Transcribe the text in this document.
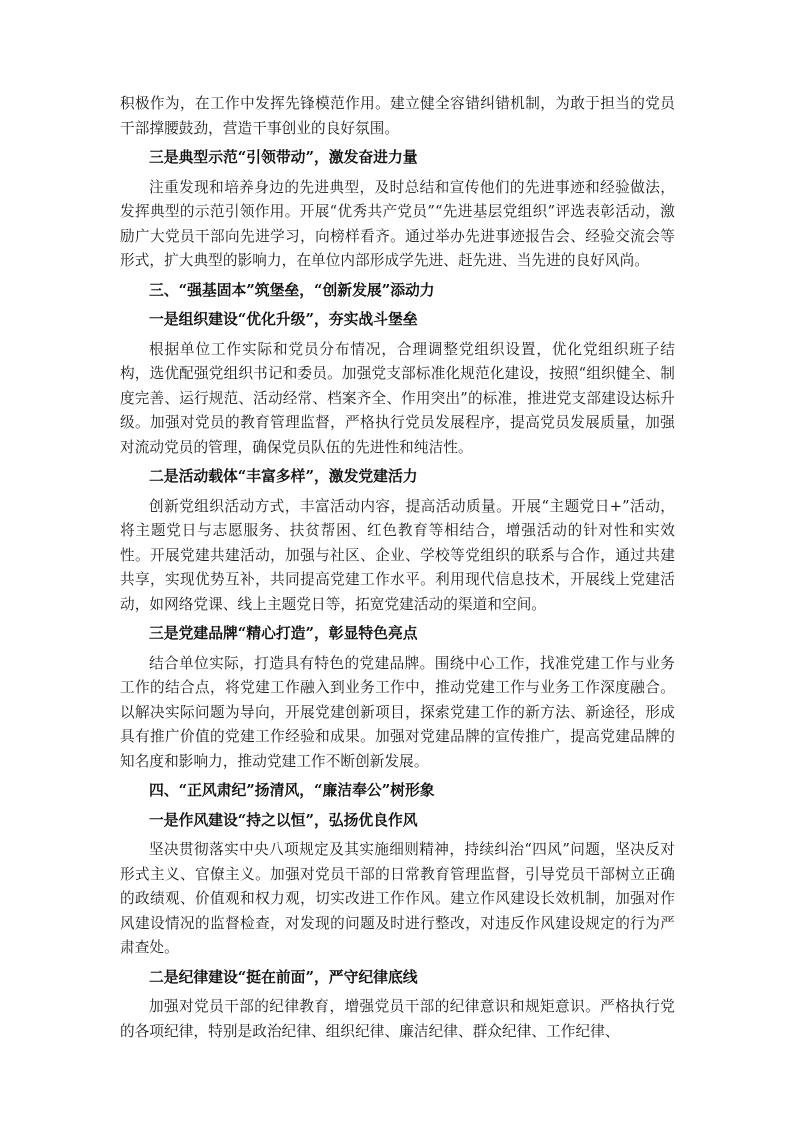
积极作为，在工作中发挥先锋模范作用。建立健全容错纠错机制，为敢于担当的党员干部撑腰鼓劲，营造干事创业的良好氛围。

三是典型示范“引领带动”，激发奋进力量

注重发现和培养身边的先进典型，及时总结和宣传他们的先进事迹和经验做法，发挥典型的示范引领作用。开展“优秀共产党员”“先进基层党组织”评选表彰活动，激励广大党员干部向先进学习，向榜样看齐。通过举办先进事迹报告会、经验交流会等形式，扩大典型的影响力，在单位内部形成学先进、赶先进、当先进的良好风尚。

三、“强基固本”筑堡垒，“创新发展”添动力

一是组织建设“优化升级”，夯实战斗堡垒

根据单位工作实际和党员分布情况，合理调整党组织设置，优化党组织班子结构，选优配强党组织书记和委员。加强党支部标准化规范化建设，按照“组织健全、制度完善、运行规范、活动经常、档案齐全、作用突出”的标准，推进党支部建设达标升级。加强对党员的教育管理监督，严格执行党员发展程序，提高党员发展质量，加强对流动党员的管理，确保党员队伍的先进性和纯洁性。

二是活动载体“丰富多样”，激发党建活力

创新党组织活动方式，丰富活动内容，提高活动质量。开展“主题党日+”活动，将主题党日与志愿服务、扶贫帮困、红色教育等相结合，增强活动的针对性和实效性。开展党建共建活动，加强与社区、企业、学校等党组织的联系与合作，通过共建共享，实现优势互补，共同提高党建工作水平。利用现代信息技术，开展线上党建活动，如网络党课、线上主题党日等，拓宽党建活动的渠道和空间。

三是党建品牌“精心打造”，彰显特色亮点

结合单位实际，打造具有特色的党建品牌。围绕中心工作，找准党建工作与业务工作的结合点，将党建工作融入到业务工作中，推动党建工作与业务工作深度融合。以解决实际问题为导向，开展党建创新项目，探索党建工作的新方法、新途径，形成具有推广价值的党建工作经验和成果。加强对党建品牌的宣传推广，提高党建品牌的知名度和影响力，推动党建工作不断创新发展。

四、“正风肃纪”扬清风，“廉洁奉公”树形象

一是作风建设“持之以恒”，弘扬优良作风

坚决贯彻落实中央八项规定及其实施细则精神，持续纠治“四风”问题，坚决反对形式主义、官僚主义。加强对党员干部的日常教育管理监督，引导党员干部树立正确的政绩观、价值观和权力观，切实改进工作作风。建立作风建设长效机制，加强对作风建设情况的监督检查，对发现的问题及时进行整改，对违反作风建设规定的行为严肃查处。

二是纪律建设“挺在前面”，严守纪律底线

加强对党员干部的纪律教育，增强党员干部的纪律意识和规矩意识。严格执行党的各项纪律，特别是政治纪律、组织纪律、廉洁纪律、群众纪律、工作纪律、
